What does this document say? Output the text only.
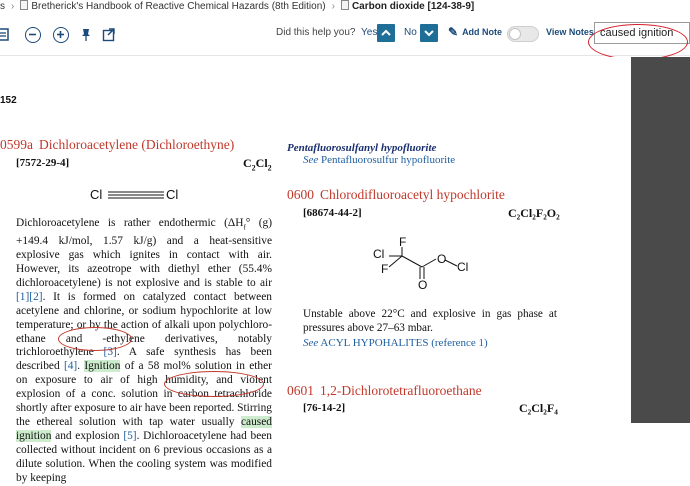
s › Bretherick's Handbook of Reactive Chemical Hazards (8th Edition) › Carbon dioxide [124-38-9]
Did this help you? Yes	No	✎ Add Note	View Notes
caused ignition
152
0599a Dichloroacetylene (Dichloroethyne)
[7572-29-4]	$C_2Cl_2$
Cl	Cl
Dichloroacetylene is rather endothermic ($\Delta H_f^\circ$ (g) +149.4 kJ/mol, 1.57 kJ/g) and a heat-sensitive explosive gas which ignites in contact with air. However, its azeotrope with diethyl ether (55.4% dichloroacetylene) is not explosive and is stable to air [1][2]. It is formed on catalyzed contact between acetylene and chlorine, or sodium hypochlorite at low temperature; or by the action of alkali upon polychloro-ethane and -ethylene derivatives, notably trichloroethylene [3]. A safe synthesis has been described [4]. Ignition of a 58 mol% solution in ether on exposure to air of high humidity, and violent explosion of a conc. solution in carbon tetrachloride shortly after exposure to air have been reported. Stirring the ethereal solution with tap water usually caused ignition and explosion [5]. Dichloroacetylene had been collected without incident on 6 previous occasions as a dilute solution. When the cooling system was modified by keeping
Pentafluorosulfanyl hypofluorite
See Pentafluorosulfur hypofluorite
0600 Chlorodifluoroacetyl hypochlorite
[68674-44-2]	C₂Cl₂F₂O₂
Cl
F
F
O
O
Cl
Unstable above 22°C and explosive in gas phase at pressures above 27–63 mbar.
See ACYL HYPOHALITES (reference 1)
0601 1,2-Dichlorotetrafluoroethane
[76-14-2]	C₂Cl₂F₄
